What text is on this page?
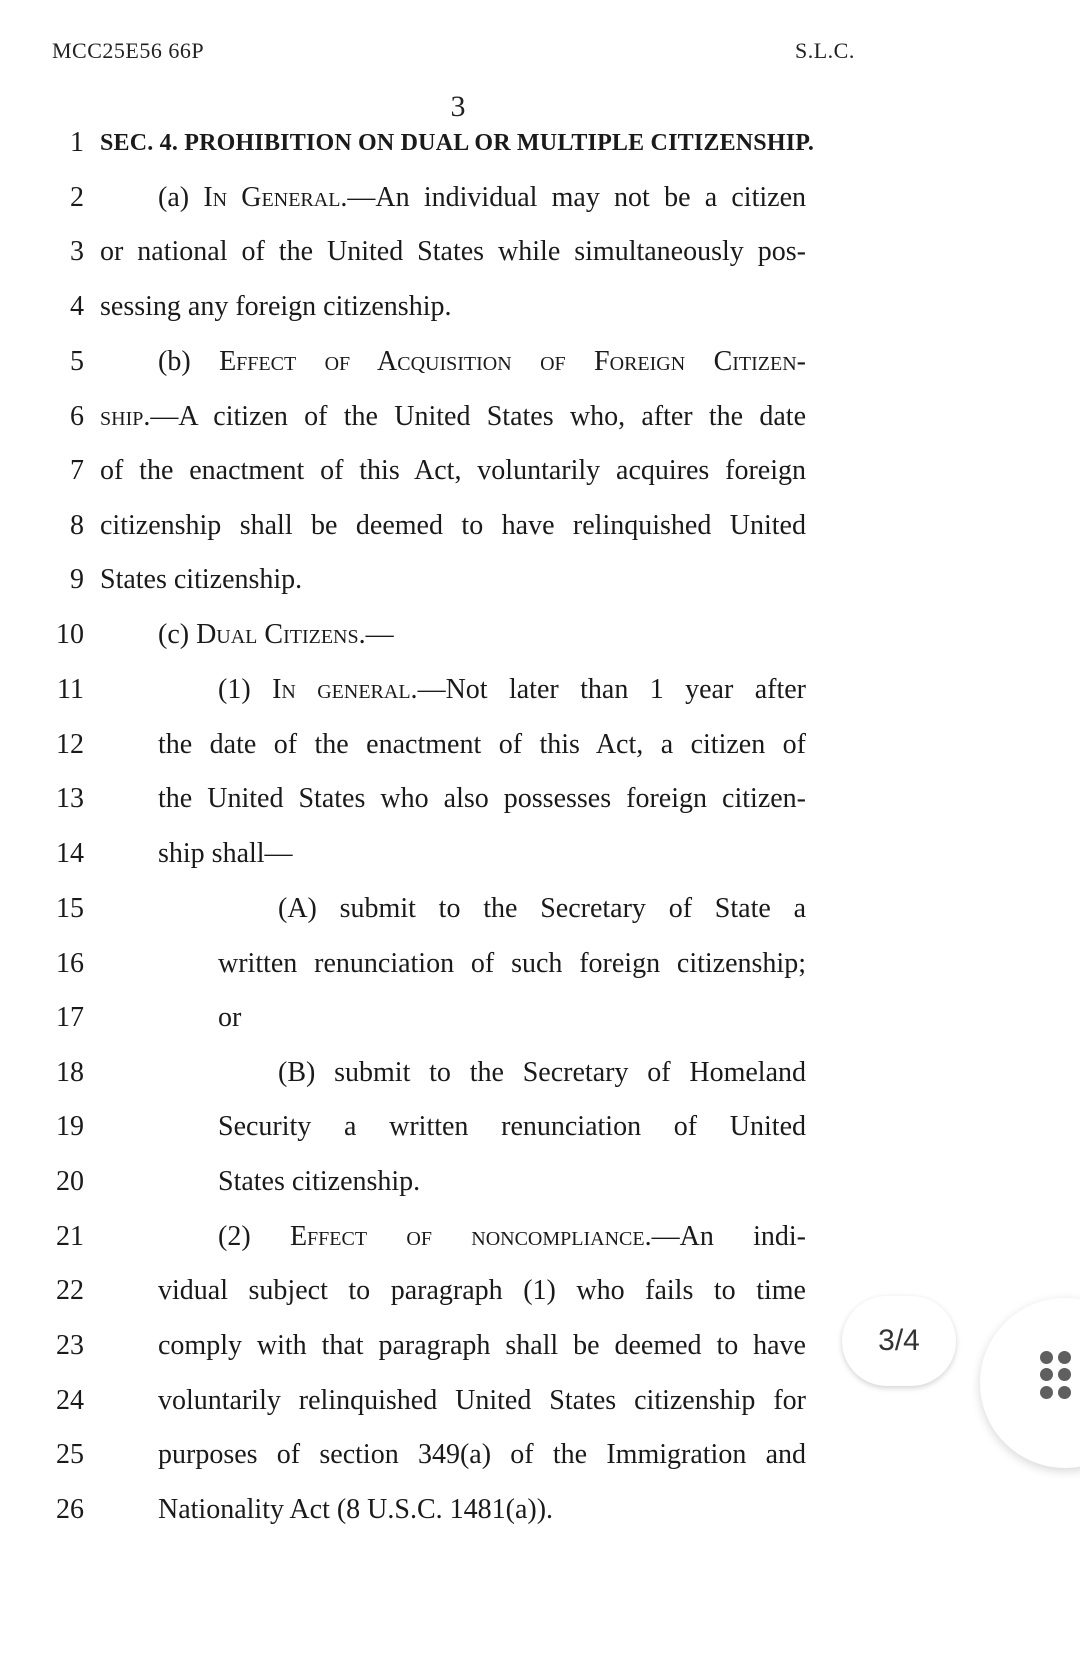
MCC25E56 66P	S.L.C.
3
1 SEC. 4. PROHIBITION ON DUAL OR MULTIPLE CITIZENSHIP.
2	(a) In General.—An individual may not be a citizen
3 or national of the United States while simultaneously pos-
4 sessing any foreign citizenship.
5	(b) Effect of Acquisition of Foreign Citizen-
6 ship.—A citizen of the United States who, after the date
7 of the enactment of this Act, voluntarily acquires foreign
8 citizenship shall be deemed to have relinquished United
9 States citizenship.
10	(c) Dual Citizens.—
11	(1) In general.—Not later than 1 year after
12	the date of the enactment of this Act, a citizen of
13	the United States who also possesses foreign citizen-
14	ship shall—
15	(A) submit to the Secretary of State a
16	written renunciation of such foreign citizenship;
17	or
18	(B) submit to the Secretary of Homeland
19	Security a written renunciation of United
20	States citizenship.
21	(2) Effect of noncompliance.—An indi-
22	vidual subject to paragraph (1) who fails to time
23	comply with that paragraph shall be deemed to have
24	voluntarily relinquished United States citizenship for
25	purposes of section 349(a) of the Immigration and
26	Nationality Act (8 U.S.C. 1481(a)).
3/4
